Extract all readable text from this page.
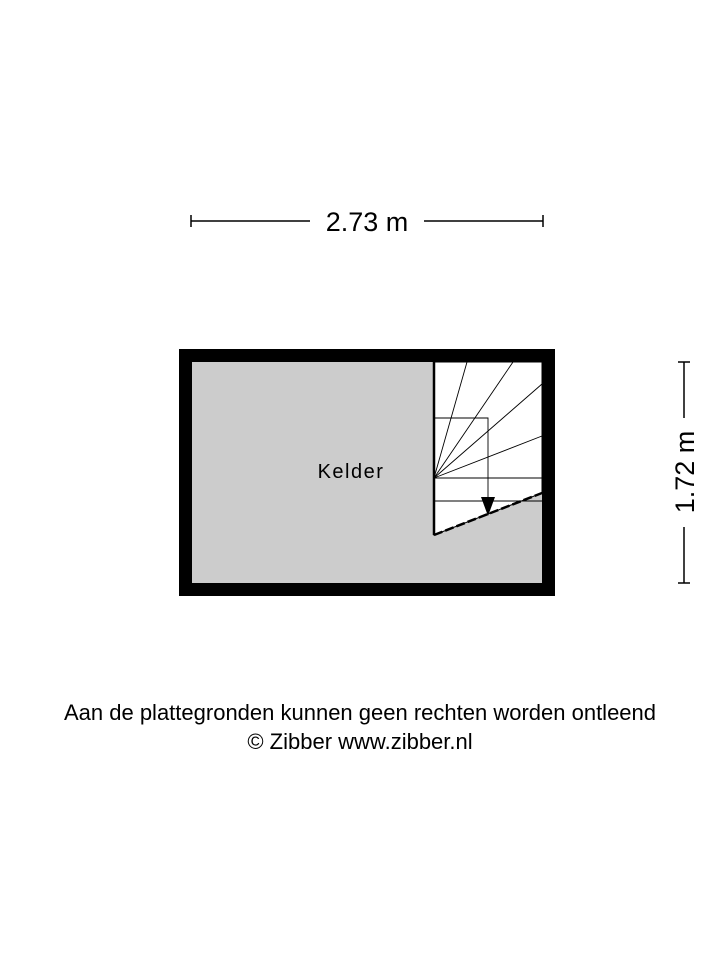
2.73 m
1.72 m
Kelder
Aan de plattegronden kunnen geen rechten worden ontleend
© Zibber www.zibber.nl
